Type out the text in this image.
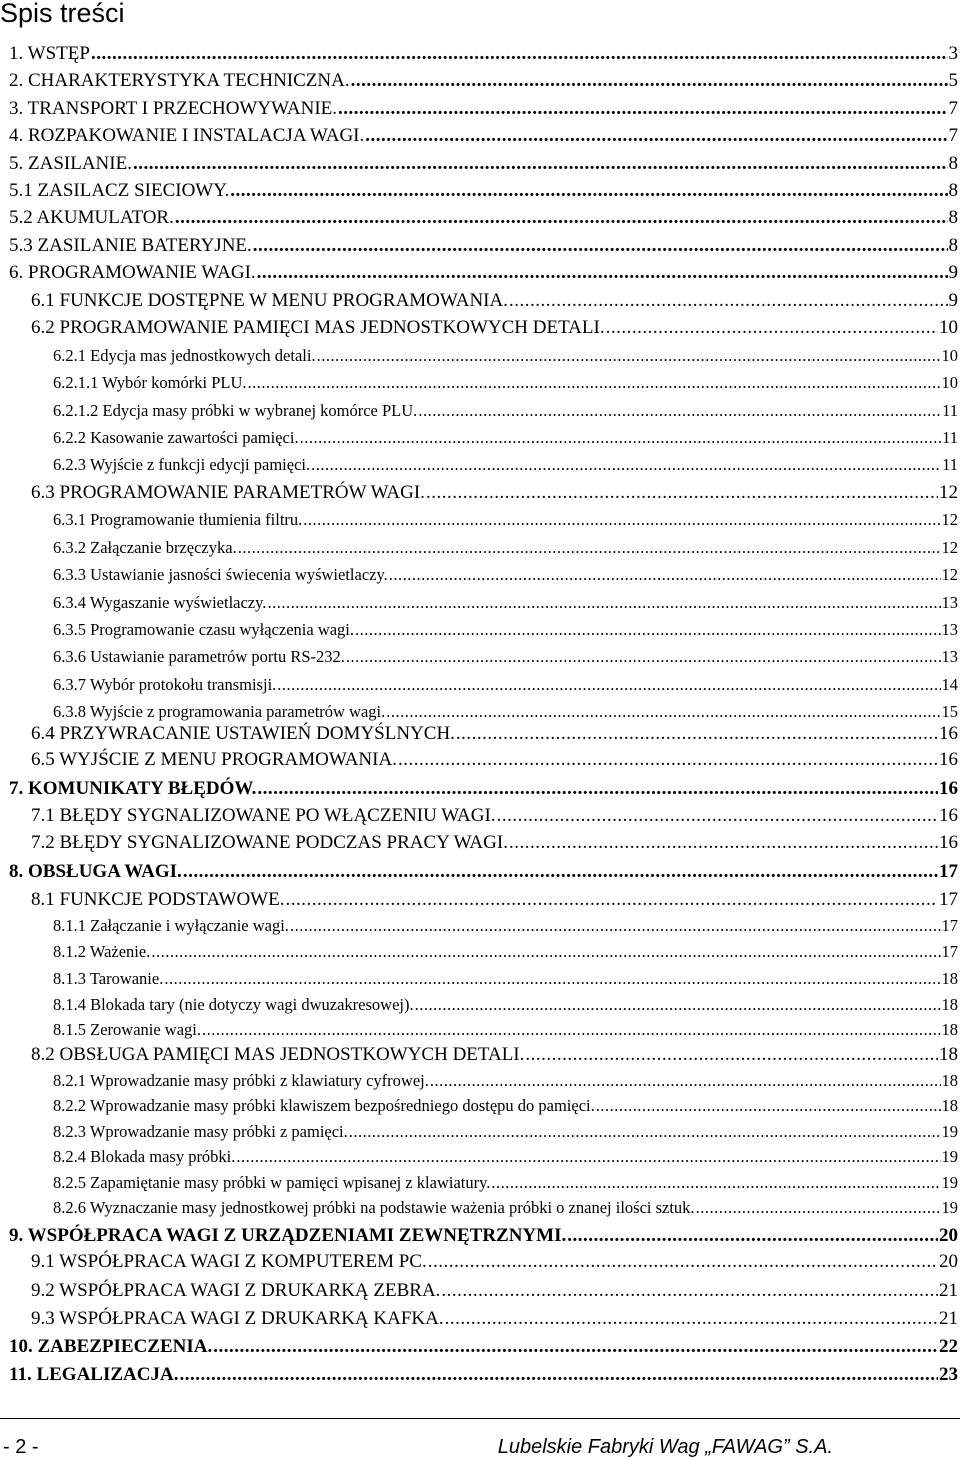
Spis treści
1. WSTĘP .....	3
2. CHARAKTERYSTYKA TECHNICZNA. .....	5
3. TRANSPORT I PRZECHOWYWANIE. .....	7
4. ROZPAKOWANIE I INSTALACJA WAGI. .....	7
5. ZASILANIE. .....	8
5.1 ZASILACZ SIECIOWY. .....	8
5.2 AKUMULATOR. .....	8
5.3 ZASILANIE BATERYJNE. .....	8
6. PROGRAMOWANIE WAGI. .....	9
6.1 FUNKCJE DOSTĘPNE W MENU PROGRAMOWANIA. .....	9
6.2 PROGRAMOWANIE PAMIĘCI MAS JEDNOSTKOWYCH DETALI. .....	10
6.2.1 Edycja mas jednostkowych detali. .....	10
6.2.1.1 Wybór komórki PLU. .....	10
6.2.1.2 Edycja masy próbki w wybranej komórce PLU. .....	11
6.2.2 Kasowanie zawartości pamięci. .....	11
6.2.3 Wyjście z funkcji edycji pamięci. .....	11
6.3 PROGRAMOWANIE PARAMETRÓW WAGI. .....	12
6.3.1 Programowanie tłumienia filtru. .....	12
6.3.2 Załączanie brzęczyka. .....	12
6.3.3 Ustawianie jasności świecenia wyświetlaczy. .....	12
6.3.4 Wygaszanie wyświetlaczy. .....	13
6.3.5 Programowanie czasu wyłączenia wagi. .....	13
6.3.6 Ustawianie parametrów portu RS-232. .....	13
6.3.7 Wybór protokołu transmisji. .....	14
6.3.8 Wyjście z programowania parametrów wagi. .....	15
6.4 PRZYWRACANIE USTAWIEŃ DOMYŚLNYCH. .....	16
6.5 WYJŚCIE Z MENU PROGRAMOWANIA. .....	16
7. KOMUNIKATY BŁĘDÓW. .....	16
7.1 BŁĘDY SYGNALIZOWANE PO WŁĄCZENIU WAGI. .....	16
7.2 BŁĘDY SYGNALIZOWANE PODCZAS PRACY WAGI. .....	16
8. OBSŁUGA WAGI. .....	17
8.1 FUNKCJE PODSTAWOWE. .....	17
8.1.1 Załączanie i wyłączanie wagi. .....	17
8.1.2 Ważenie. .....	17
8.1.3 Tarowanie. .....	18
8.1.4 Blokada tary (nie dotyczy wagi dwuzakresowej). .....	18
8.1.5 Zerowanie wagi. .....	18
8.2 OBSŁUGA PAMIĘCI MAS JEDNOSTKOWYCH DETALI. .....	18
8.2.1 Wprowadzanie masy próbki z klawiatury cyfrowej. .....	18
8.2.2 Wprowadzanie masy próbki klawiszem bezpośredniego dostępu do pamięci. .....	18
8.2.3 Wprowadzanie masy próbki z pamięci. .....	19
8.2.4 Blokada masy próbki. .....	19
8.2.5 Zapamiętanie masy próbki w pamięci wpisanej z klawiatury. .....	19
8.2.6 Wyznaczanie masy jednostkowej próbki na podstawie ważenia próbki o znanej ilości sztuk. .....	19
9. WSPÓŁPRACA WAGI Z URZĄDZENIAMI ZEWNĘTRZNYMI. .....	20
9.1 WSPÓŁPRACA WAGI Z KOMPUTEREM PC. .....	20
9.2 WSPÓŁPRACA WAGI Z DRUKARKĄ ZEBRA. .....	21
9.3 WSPÓŁPRACA WAGI Z DRUKARKĄ KAFKA. .....	21
10. ZABEZPIECZENIA. .....	22
11. LEGALIZACJA. .....	23
- 2 -	Lubelskie Fabryki Wag „FAWAG” S.A.
